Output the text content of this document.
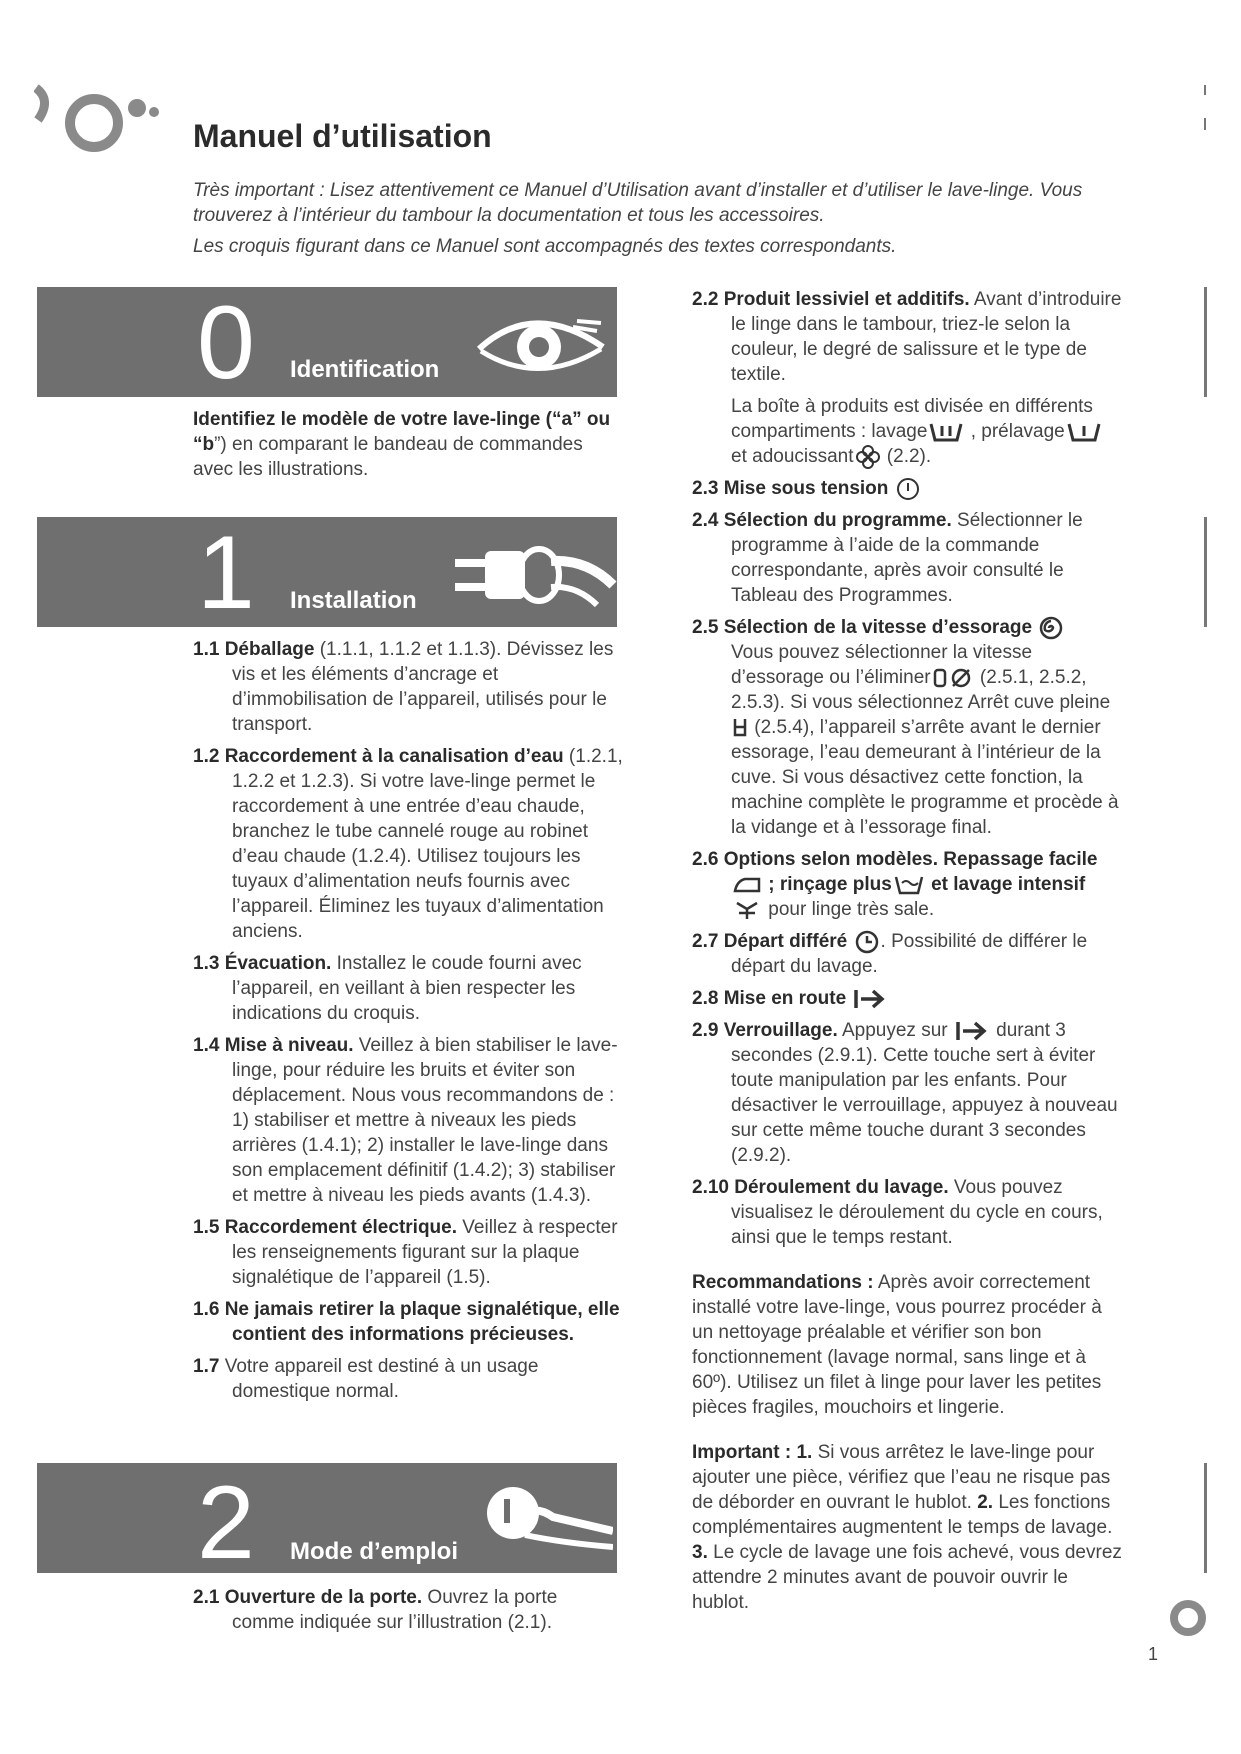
Manuel d’utilisation

Très important : Lisez attentivement ce Manuel d’Utilisation avant d’installer et d’utiliser le lave-linge. Vous trouverez à l’intérieur du tambour la documentation et tous les accessoires.

Les croquis figurant dans ce Manuel sont accompagnés des textes correspondants.

0 Identification

Identifiez le modèle de votre lave-linge (“a” ou “b”) en comparant le bandeau de commandes avec les illustrations.

1 Installation

1.1 Déballage (1.1.1, 1.1.2 et 1.1.3). Dévissez les vis et les éléments d’ancrage et d’immobilisation de l’appareil, utilisés pour le transport.

1.2 Raccordement à la canalisation d’eau (1.2.1, 1.2.2 et 1.2.3). Si votre lave-linge permet le raccordement à une entrée d’eau chaude, branchez le tube cannelé rouge au robinet d’eau chaude (1.2.4). Utilisez toujours les tuyaux d’alimentation neufs fournis avec l’appareil. Éliminez les tuyaux d’alimentation anciens.

1.3 Évacuation. Installez le coude fourni avec l’appareil, en veillant à bien respecter les indications du croquis.

1.4 Mise à niveau. Veillez à bien stabiliser le lave-linge, pour réduire les bruits et éviter son déplacement. Nous vous recommandons de : 1) stabiliser et mettre à niveaux les pieds arrières (1.4.1); 2) installer le lave-linge dans son emplacement définitif (1.4.2); 3) stabiliser et mettre à niveau les pieds avants (1.4.3).

1.5 Raccordement électrique. Veillez à respecter les renseignements figurant sur la plaque signalétique de l’appareil (1.5).

1.6 Ne jamais retirer la plaque signalétique, elle contient des informations précieuses.

1.7 Votre appareil est destiné à un usage domestique normal.

2 Mode d’emploi

2.1 Ouverture de la porte. Ouvrez la porte comme indiquée sur l’illustration (2.1).

2.2 Produit lessiviel et additifs. Avant d’introduire le linge dans le tambour, triez-le selon la couleur, le degré de salissure et le type de textile.

La boîte à produits est divisée en différents compartiments : lavage , prélavage et adoucissant (2.2).

2.3 Mise sous tension

2.4 Sélection du programme. Sélectionner le programme à l’aide de la commande correspondante, après avoir consulté le Tableau des Programmes.

2.5 Sélection de la vitesse d’essorage
Vous pouvez sélectionner la vitesse d’essorage ou l’éliminer (2.5.1, 2.5.2, 2.5.3). Si vous sélectionnez Arrêt cuve pleine (2.5.4), l’appareil s’arrête avant le dernier essorage, l’eau demeurant à l’intérieur de la cuve. Si vous désactivez cette fonction, la machine complète le programme et procède à la vidange et à l’essorage final.

2.6 Options selon modèles. Repassage facile ; rinçage plus et lavage intensif  pour linge très sale.

2.7 Départ différé . Possibilité de différer le départ du lavage.

2.8 Mise en route

2.9 Verrouillage. Appuyez sur  durant 3 secondes (2.9.1). Cette touche sert à éviter toute manipulation par les enfants. Pour désactiver le verrouillage, appuyez à nouveau sur cette même touche durant 3 secondes (2.9.2).

2.10 Déroulement du lavage. Vous pouvez visualisez le déroulement du cycle en cours, ainsi que le temps restant.

Recommandations : Après avoir correctement installé votre lave-linge, vous pourrez procéder à un nettoyage préalable et vérifier son bon fonctionnement (lavage normal, sans linge et à 60º). Utilisez un filet à linge pour laver les petites pièces fragiles, mouchoirs et lingerie.

Important : 1. Si vous arrêtez le lave-linge pour ajouter une pièce, vérifiez que l’eau ne risque pas de déborder en ouvrant le hublot. 2. Les fonctions complémentaires augmentent le temps de lavage. 3. Le cycle de lavage une fois achevé, vous devrez attendre 2 minutes avant de pouvoir ouvrir le hublot.

1
